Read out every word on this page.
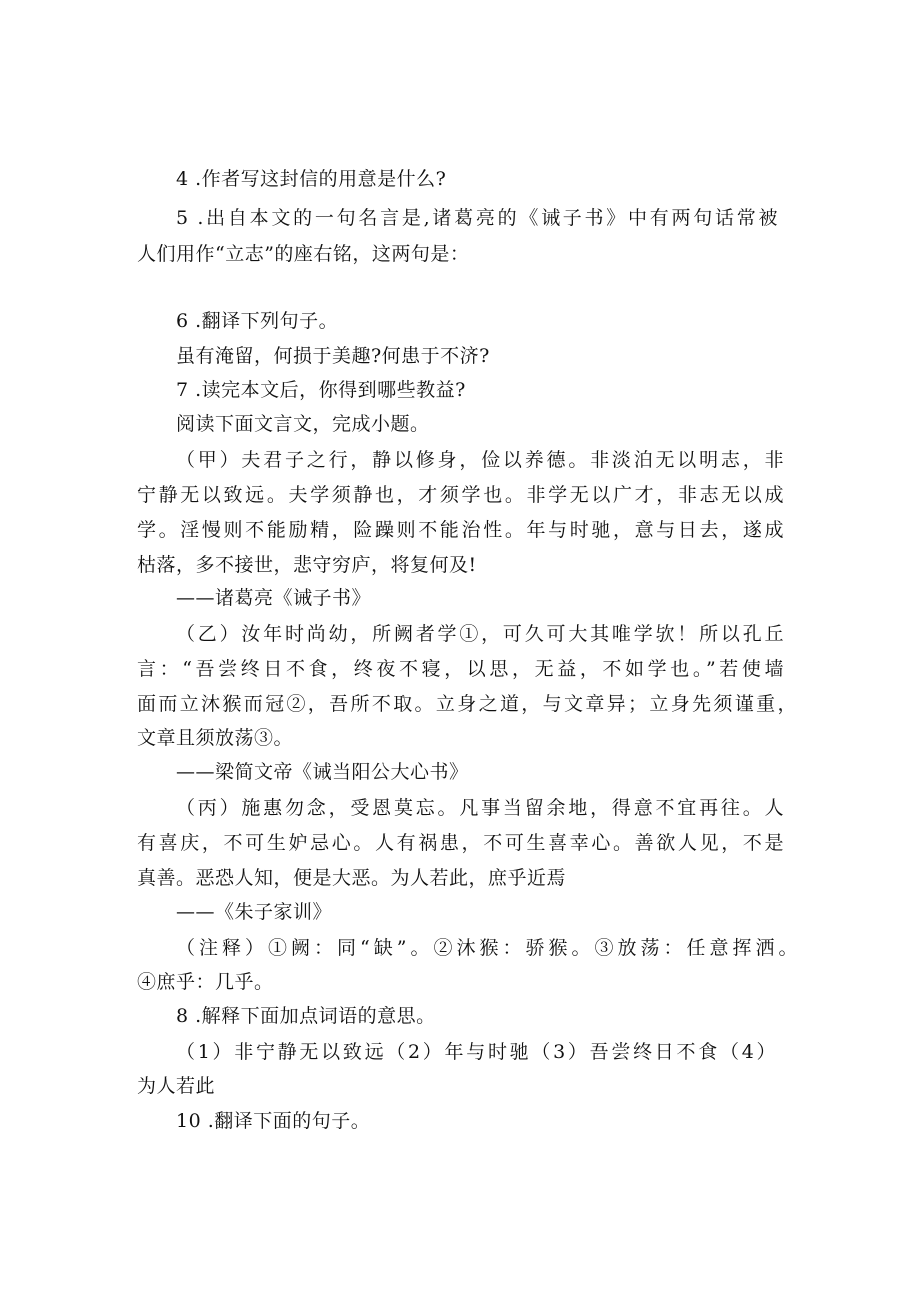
4 .作者写这封信的用意是什么?
5 .出自本文的一句名言是,诸葛亮的《诫子书》中有两句话常被
人们用作“立志”的座右铭，这两句是：
6 .翻译下列句子。
虽有淹留，何损于美趣?何患于不济?
7 .读完本文后，你得到哪些教益?
阅读下面文言文，完成小题。
（甲）夫君子之行，静以修身，俭以养德。非淡泊无以明志，非
宁静无以致远。夫学须静也，才须学也。非学无以广才，非志无以成
学。淫慢则不能励精，险躁则不能治性。年与时驰，意与日去，遂成
枯落，多不接世，悲守穷庐，将复何及!
——诸葛亮《诫子书》
（乙）汝年时尚幼，所阙者学①，可久可大其唯学欤！所以孔丘
言：“吾尝终日不食，终夜不寝，以思，无益，不如学也。”若使墙
面而立沐猴而冠②，吾所不取。立身之道，与文章异；立身先须谨重，
文章且须放荡③。
——梁简文帝《诫当阳公大心书》
（丙）施惠勿念，受恩莫忘。凡事当留余地，得意不宜再往。人
有喜庆，不可生妒忌心。人有祸患，不可生喜幸心。善欲人见，不是
真善。恶恐人知，便是大恶。为人若此，庶乎近焉
——《朱子家训》
（注释）①阙：同“缺”。②沐猴：骄猴。③放荡：任意挥洒。
④庶乎：几乎。
8 .解释下面加点词语的意思。
（1）非宁静无以致远（2）年与时驰（3）吾尝终日不食（4）
为人若此
10 .翻译下面的句子。
